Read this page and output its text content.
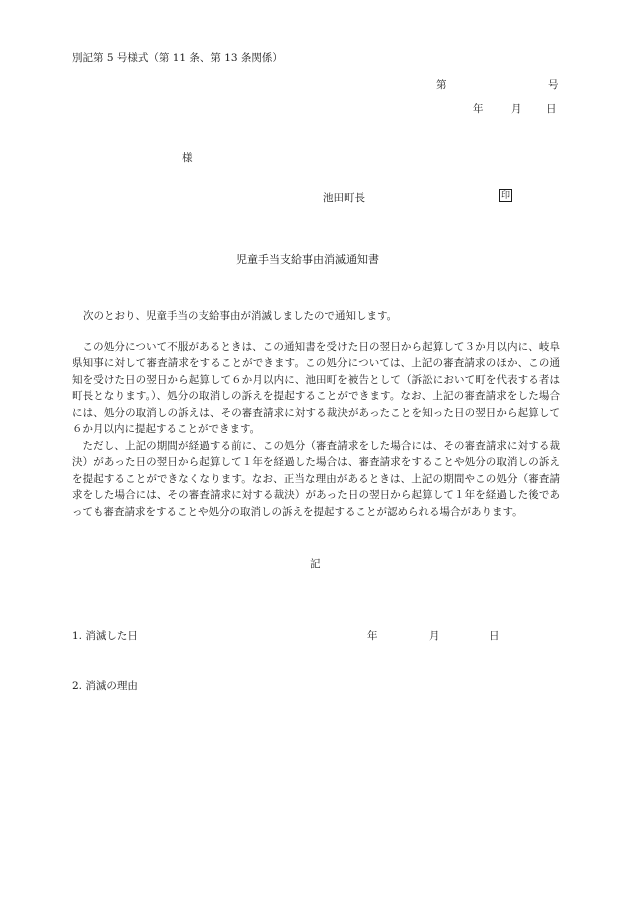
別記第 5 号様式（第 11 条、第 13 条関係）
第	号
年	月 日
様
池田町長	印
児童手当支給事由消滅通知書
次のとおり、児童手当の支給事由が消滅しましたので通知します。
この処分について不服があるときは、この通知書を受けた日の翌日から起算して３か月以内に、岐阜県知事に対して審査請求をすることができます。この処分については、上記の審査請求のほか、この通知を受けた日の翌日から起算して６か月以内に、池田町を被告として（訴訟において町を代表する者は町長となります。）、処分の取消しの訴えを提起することができます。なお、上記の審査請求をした場合には、処分の取消しの訴えは、その審査請求に対する裁決があったことを知った日の翌日から起算して６か月以内に提起することができます。
ただし、上記の期間が経過する前に、この処分（審査請求をした場合には、その審査請求に対する裁決）があった日の翌日から起算して１年を経過した場合は、審査請求をすることや処分の取消しの訴えを提起することができなくなります。なお、正当な理由があるときは、上記の期間やこの処分（審査請求をした場合には、その審査請求に対する裁決）があった日の翌日から起算して１年を経過した後であっても審査請求をすることや処分の取消しの訴えを提起することが認められる場合があります。
記
1. 消滅した日	年	月	日
2. 消滅の理由
